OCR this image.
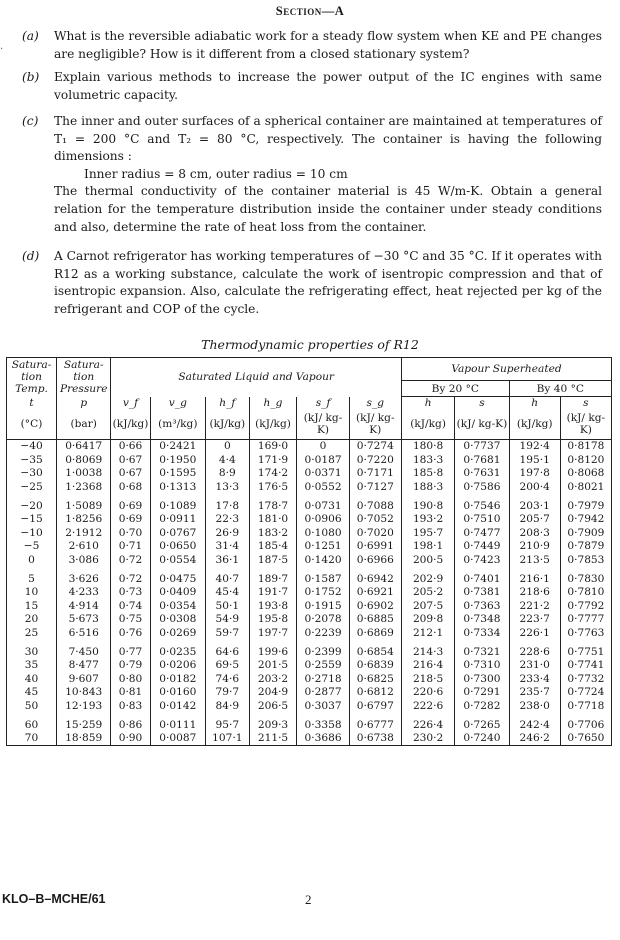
Section—A
.
(a) What is the reversible adiabatic work for a steady flow system when KE and PE changes are negligible? How is it different from a closed stationary system?

(b) Explain various methods to increase the power output of the IC engines with same volumetric capacity.

(c) The inner and outer surfaces of a spherical container are maintained at temperatures of T₁ = 200 °C and T₂ = 80 °C, respectively. The container is having the following dimensions :

Inner radius = 8 cm, outer radius = 10 cm

The thermal conductivity of the container material is 45 W/m-K. Obtain a general relation for the temperature distribution inside the container under steady conditions and also, determine the rate of heat loss from the container.

(d) A Carnot refrigerator has working temperatures of −30 °C and 35 °C. If it operates with R12 as a working substance, calculate the work of isentropic compression and that of isentropic expansion. Also, calculate the refrigerating effect, heat rejected per kg of the refrigerant and COP of the cycle.

Thermodynamic properties of R12
Satura- tion Temp.	Satura- tion Pressure	Saturated Liquid and Vapour						Vapour Superheated			
								By 20 °C		By 40 °C	
t	p	v_f	v_g	h_f	h_g	s_f	s_g	h	s	h	s
(°C)	(bar)	(kJ/kg)	(m³/kg)	(kJ/kg)	(kJ/kg)	(kJ/ kg-K)	(kJ/ kg-K)	(kJ/kg)	(kJ/ kg-K)	(kJ/kg)	(kJ/ kg-K)
−40	0·6417	0·66	0·2421	0	169·0	0	0·7274	180·8	0·7737	192·4	0·8178
−35	0·8069	0·67	0·1950	4·4	171·9	0·0187	0·7220	183·3	0·7681	195·1	0·8120
−30	1·0038	0·67	0·1595	8·9	174·2	0·0371	0·7171	185·8	0·7631	197·8	0·8068
−25	1·2368	0·68	0·1313	13·3	176·5	0·0552	0·7127	188·3	0·7586	200·4	0·8021
−20	1·5089	0·69	0·1089	17·8	178·7	0·0731	0·7088	190·8	0·7546	203·1	0·7979
−15	1·8256	0·69	0·0911	22·3	181·0	0·0906	0·7052	193·2	0·7510	205·7	0·7942
−10	2·1912	0·70	0·0767	26·9	183·2	0·1080	0·7020	195·7	0·7477	208·3	0·7909
−5	2·610	0·71	0·0650	31·4	185·4	0·1251	0·6991	198·1	0·7449	210·9	0·7879
0	3·086	0·72	0·0554	36·1	187·5	0·1420	0·6966	200·5	0·7423	213·5	0·7853
5	3·626	0·72	0·0475	40·7	189·7	0·1587	0·6942	202·9	0·7401	216·1	0·7830
10	4·233	0·73	0·0409	45·4	191·7	0·1752	0·6921	205·2	0·7381	218·6	0·7810
15	4·914	0·74	0·0354	50·1	193·8	0·1915	0·6902	207·5	0·7363	221·2	0·7792
20	5·673	0·75	0·0308	54·9	195·8	0·2078	0·6885	209·8	0·7348	223·7	0·7777
25	6·516	0·76	0·0269	59·7	197·7	0·2239	0·6869	212·1	0·7334	226·1	0·7763
30	7·450	0·77	0·0235	64·6	199·6	0·2399	0·6854	214·3	0·7321	228·6	0·7751
35	8·477	0·79	0·0206	69·5	201·5	0·2559	0·6839	216·4	0·7310	231·0	0·7741
40	9·607	0·80	0·0182	74·6	203·2	0·2718	0·6825	218·5	0·7300	233·4	0·7732
45	10·843	0·81	0·0160	79·7	204·9	0·2877	0·6812	220·6	0·7291	235·7	0·7724
50	12·193	0·83	0·0142	84·9	206·5	0·3037	0·6797	222·6	0·7282	238·0	0·7718
60	15·259	0·86	0·0111	95·7	209·3	0·3358	0·6777	226·4	0·7265	242·4	0·7706
70	18·859	0·90	0·0087	107·1	211·5	0·3686	0·6738	230·2	0·7240	246·2	0·7650
KLO–B–MCHE/61	2
